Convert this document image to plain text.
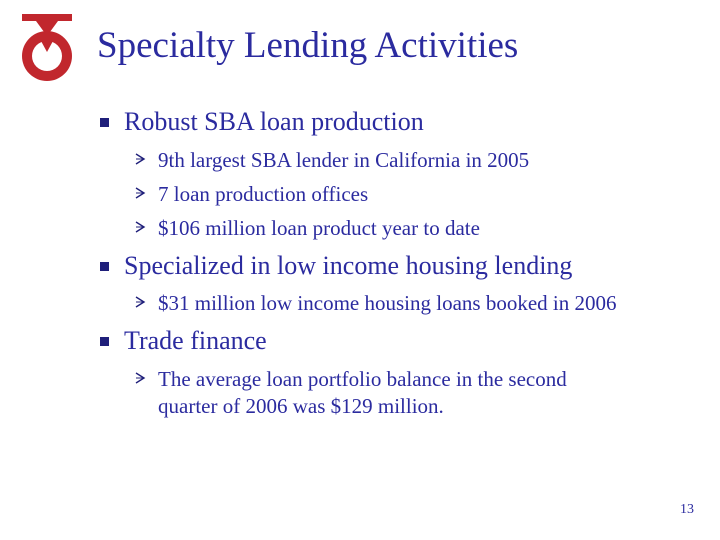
Specialty Lending Activities
Robust SBA loan production
9th largest SBA lender in California in 2005
7 loan production offices
$106 million loan product year to date
Specialized in low income housing lending
$31 million low income housing loans booked in 2006
Trade finance
The average loan portfolio balance in the second
quarter of 2006 was $129 million.
13
